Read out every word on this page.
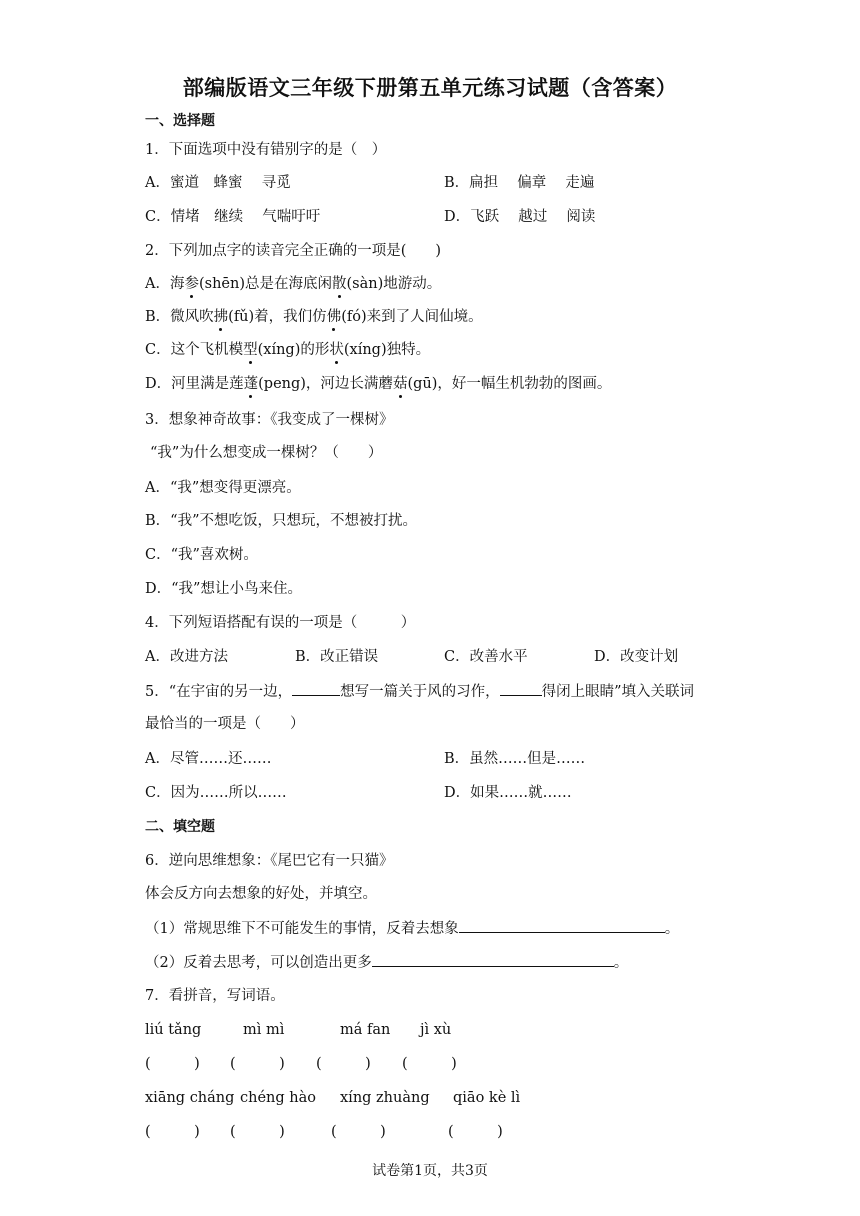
部编版语文三年级下册第五单元练习试题（含答案）
一、选择题
1．下面选项中没有错别字的是（　）
A．蜜道　蜂蜜　 寻觅	B．扁担　 偏章　 走遍
C．情堵　继续　 气喘吁吁	D．飞跃　 越过　 阅读
2．下列加点字的读音完全正确的一项是(　　)
A．海参(shēn)总是在海底闲散(sàn)地游动。
B．微风吹拂(fǔ)着，我们仿佛(fó)来到了人间仙境。
C．这个飞机模型(xíng)的形状(xíng)独特。
D．河里满是莲蓬(peng)，河边长满蘑菇(gū)，好一幅生机勃勃的图画。
3．想象神奇故事：《我变成了一棵树》
“我”为什么想变成一棵树？（　　）
A．“我”想变得更漂亮。
B．“我”不想吃饭，只想玩，不想被打扰。
C．“我”喜欢树。
D．“我”想让小鸟来住。
4．下列短语搭配有误的一项是（　　　）
A．改进方法	B．改正错误	C．改善水平	D．改变计划
5．“在宇宙的另一边，	想写一篇关于风的习作，	得闭上眼睛”填入关联词
最恰当的一项是（　　）
A．尽管……还……	B．虽然……但是……
C．因为……所以……	D．如果……就……
二、填空题
6．逆向思维想象：《尾巴它有一只猫》
体会反方向去想象的好处，并填空。
（1）常规思维下不可能发生的事情，反着去想象	。
（2）反着去思考，可以创造出更多	。
7．看拼音，写词语。
liú tǎng	mì mì	má fan jì xù
(　　　) (　　　) (　　　) (　　　)
xiāng cháng chéng hào xíng zhuàng qiāo kè lì
(　　　) (　　　)	(　　　)	(　　　)
试卷第1页，共3页
